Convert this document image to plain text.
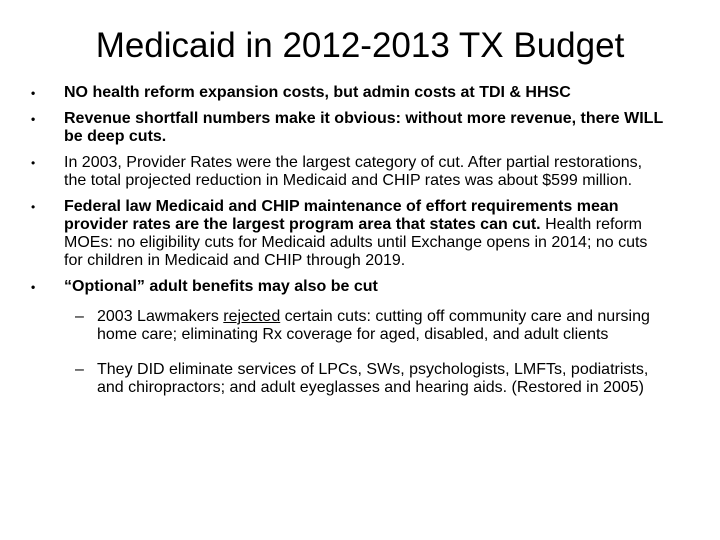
Medicaid in 2012-2013 TX Budget
• NO health reform expansion costs, but admin costs at TDI & HHSC
• Revenue shortfall numbers make it obvious: without more revenue, there WILL be deep cuts.
• In 2003, Provider Rates were the largest category of cut. After partial restorations, the total projected reduction in Medicaid and CHIP rates was about $599 million.
• Federal law Medicaid and CHIP maintenance of effort requirements mean provider rates are the largest program area that states can cut. Health reform MOEs: no eligibility cuts for Medicaid adults until Exchange opens in 2014; no cuts for children in Medicaid and CHIP through 2019.
• “Optional” adult benefits may also be cut
– 2003 Lawmakers rejected certain cuts: cutting off community care and nursing home care; eliminating Rx coverage for aged, disabled, and adult clients
– They DID eliminate services of LPCs, SWs, psychologists, LMFTs, podiatrists, and chiropractors; and adult eyeglasses and hearing aids. (Restored in 2005)
